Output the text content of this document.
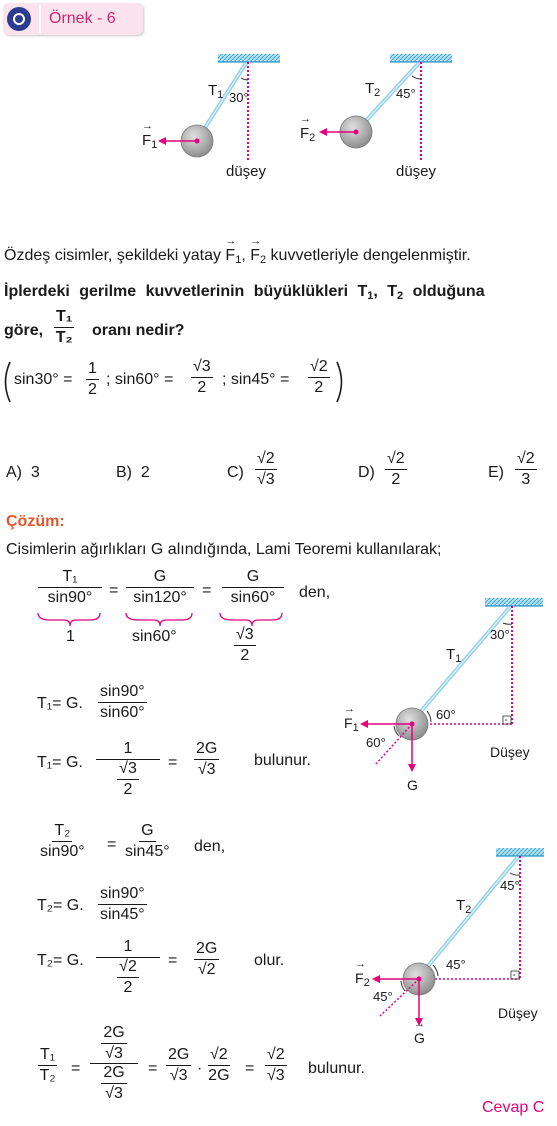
Örnek - 6
$T_1$ 30°
→ $F_1$
düşey
$T_2$ 45°
→ $F_2$
düşey
Özdeş cisimler, şekildeki yatay → $F_1$, → $F_2$ kuvvetleriyle dengelenmiştir.
İplerdeki gerilme kuvvetlerinin büyüklükleri $T_1$, $T_2$ olduğuna
göre, $\frac{\text{T₁}}{\text{T₂}}$ oranı nedir?
$\sin 30^\circ = \frac{1}{2}$ ; $\sin 60^\circ = \frac{√3}{2}$ ; $\sin 45^\circ = \frac{√2}{2}$
A) 3	B) 2	$C) \frac{√2}{√3}$	$D) \frac{√2}{2}$	$E) \frac{√2}{3}$
Çözüm:
Cisimlerin ağırlıkları G alındığında, Lami Teoremi kullanılarak;
$\frac{\text{T₁}}{\sin 90^\circ} = \frac{G}{\sin 120^\circ} = \frac{G}{\sin 60^\circ}$ den,
1	sin60°	$\frac{√3}{2}$
T₁= G. $\frac{\sin 90^\circ}{\sin 60^\circ}$
T₁= G. $\frac{1}{\frac{√3}{2}} = \frac{2G}{√3}$ bulunur.
$\frac{\text{T₂}}{\sin 90^\circ} = \frac{G}{\sin 45^\circ}$ den,
T₂= G. $\frac{\sin 90^\circ}{\sin 45^\circ}$
T₂= G. $\frac{1}{\frac{√2}{2}} = \frac{2G}{√2}$ olur.
$\frac{\text{T₁}}{\text{T₂}} = \frac{\frac{2G}{√3}}{\frac{2G}{√3}} = \frac{2G}{√3} \cdot \frac{√2}{2G} = \frac{√2}{√3}$ bulunur.
Cevap C
$T_1$
30°
60°
60°
→ $F_1$
G
Düşey
$T_2$
45°
45°
45°
→ $F_2$
→ G
Düşey
